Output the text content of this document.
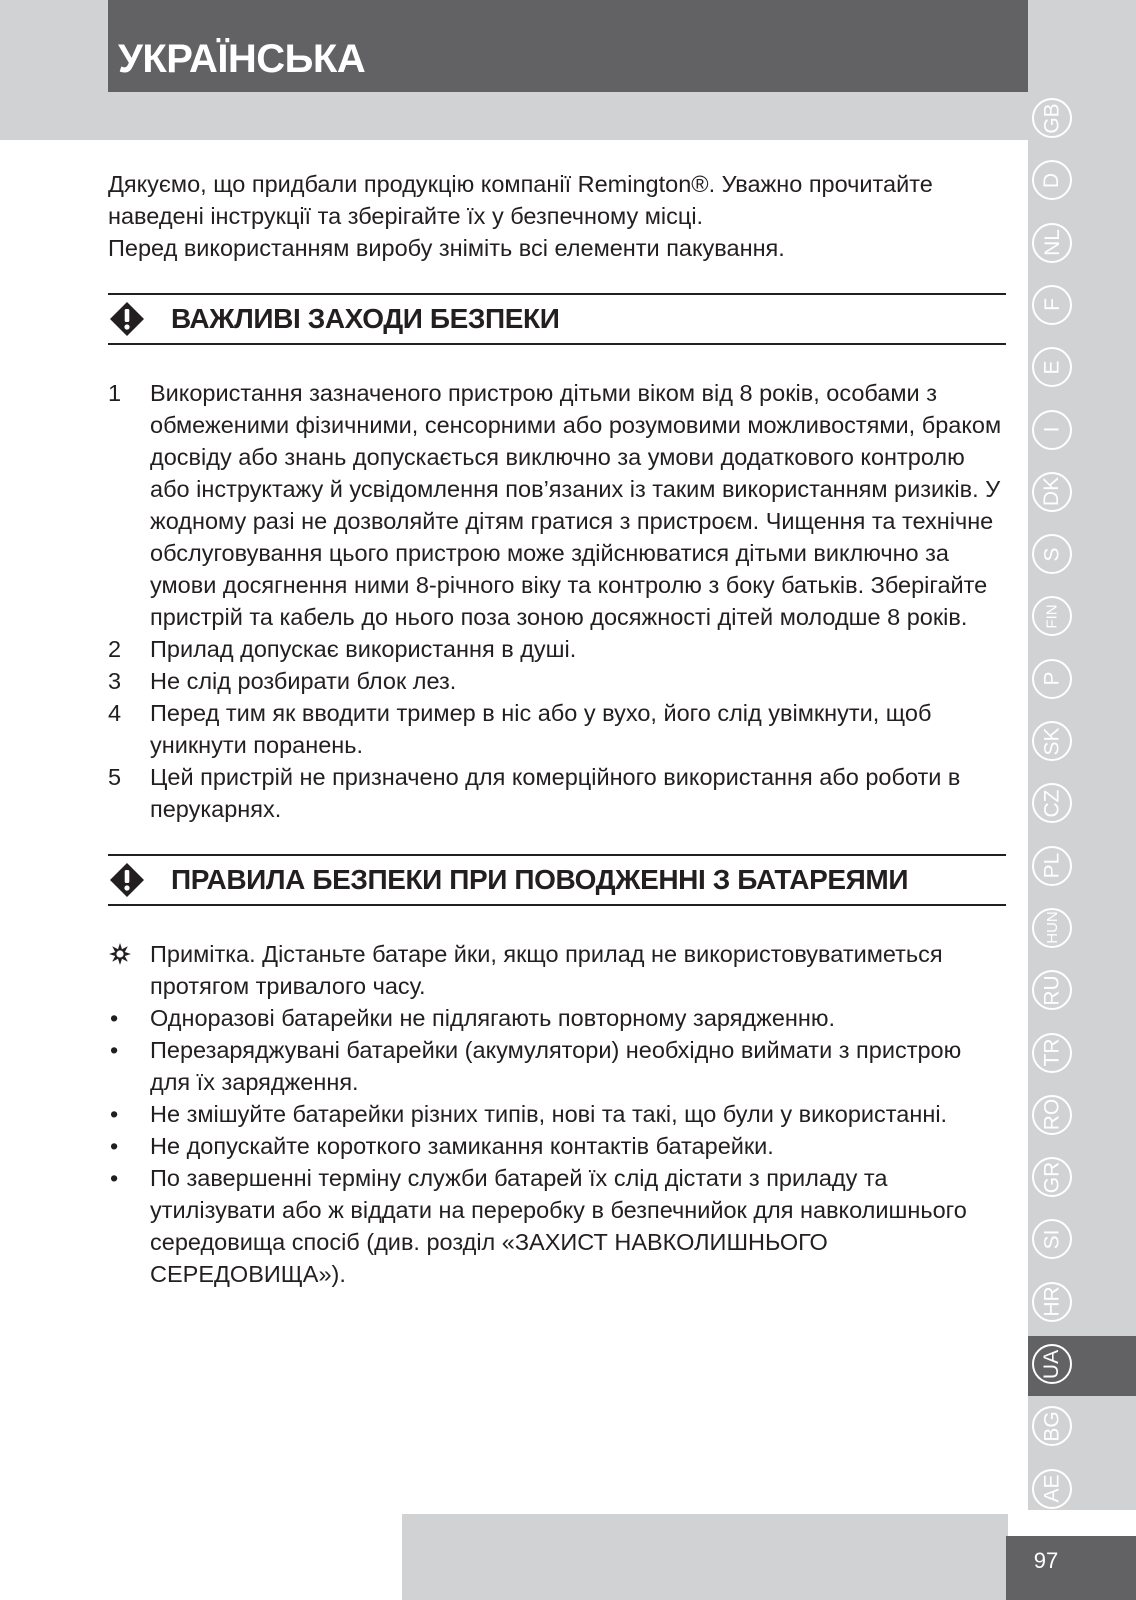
УКРАЇНСЬКА
GB
D
NL
F
E
I
DK
S
FIN
P
SK
CZ
PL
HUN
RU
TR
RO
GR
SI
HR
UA
BG
AE
97

Дякуємо, що придбали продукцію компанії Remington®. Уважно прочитайте наведені інструкції та зберігайте їх у безпечному місці.

Перед використанням виробу зніміть всі елементи пакування.

ВАЖЛИВІ ЗАХОДИ БЕЗПЕКИ
1	Використання зазначеного пристрою дітьми віком від 8 років, особами з обмеженими фізичними, сенсорними або розумовими можливостями, браком досвіду або знань допускається виключно за умови додаткового контролю або інструктажу й усвідомлення пов’язаних із таким використанням ризиків. У жодному разі не дозволяйте дітям гратися з пристроєм. Чищення та технічне обслуговування цього пристрою може здійснюватися дітьми виключно за умови досягнення ними 8-річного віку та контролю з боку батьків. Зберігайте пристрій та кабель до нього поза зоною досяжності дітей молодше 8 років.
2	Прилад допускає використання в душі.
3	Не слід розбирати блок лез.
4	Перед тим як вводити тример в ніс або у вухо, його слід увімкнути, щоб уникнути поранень.
5	Цей пристрій не призначено для комерційного використання або роботи в перукарнях.
ПРАВИЛА БЕЗПЕКИ ПРИ ПОВОДЖЕННІ З БАТАРЕЯМИ
Примітка. Дістаньте батаре йки, якщо прилад не використовуватиметься протягом тривалого часу.
•	Одноразові батарейки не підлягають повторному зарядженню.
•	Перезаряджувані батарейки (акумулятори) необхідно виймати з пристрою для їх зарядження.
•	Не змішуйте батарейки різних типів, нові та такі, що були у використанні.
•	Не допускайте короткого замикання контактів батарейки.
•	По завершенні терміну служби батарей їх слід дістати з приладу та утилізувати або ж віддати на переробку в безпечнийок для навколишнього середовища спосіб (див. розділ «ЗАХИСТ НАВКОЛИШНЬОГО СЕРЕДОВИЩА»).
